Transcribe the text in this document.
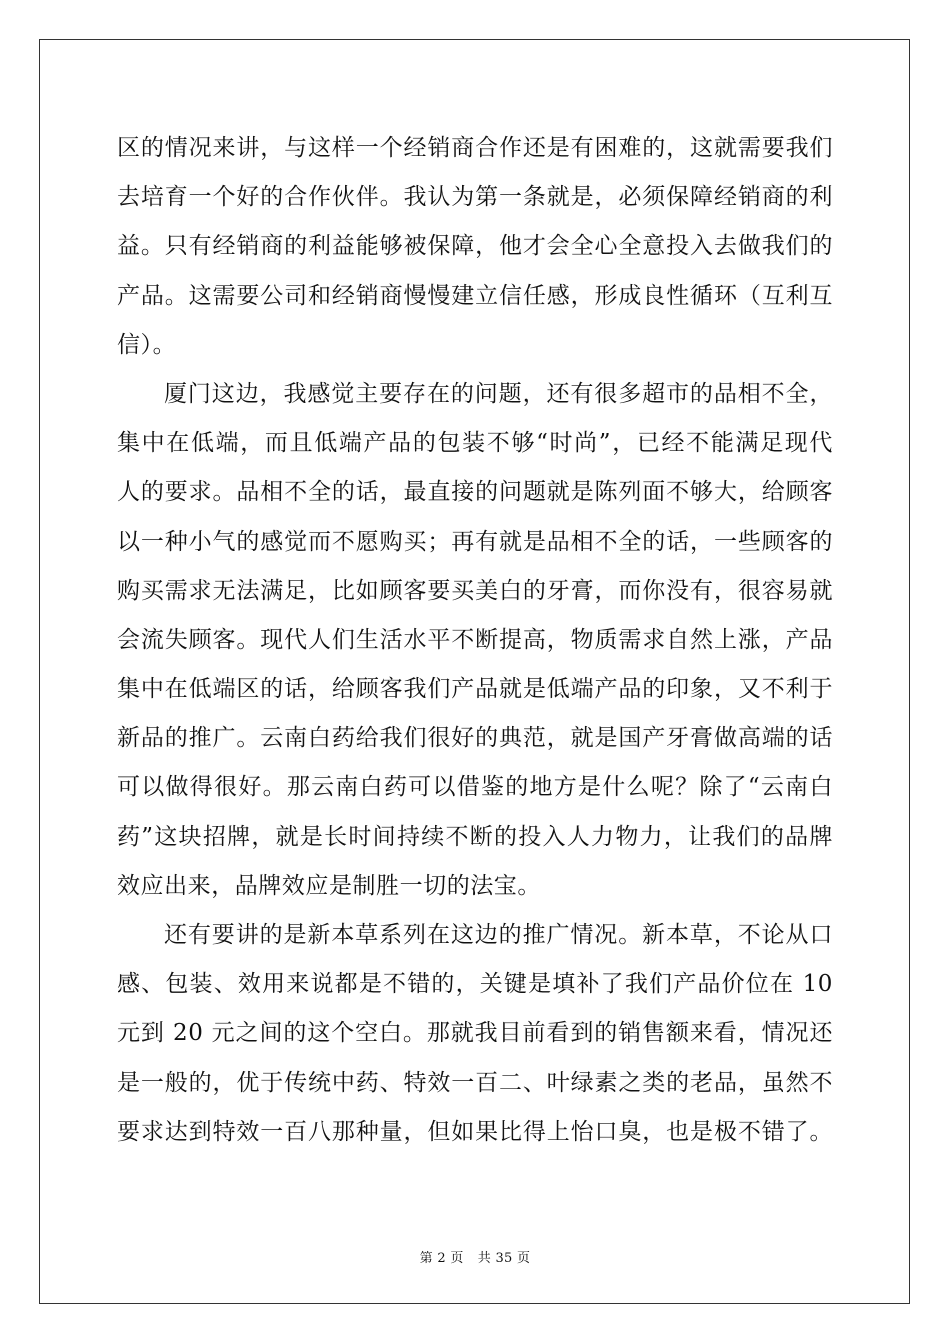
区的情况来讲，与这样一个经销商合作还是有困难的，这就需要我们
去培育一个好的合作伙伴。我认为第一条就是，必须保障经销商的利
益。只有经销商的利益能够被保障，他才会全心全意投入去做我们的
产品。这需要公司和经销商慢慢建立信任感，形成良性循环（互利互
信）。
厦门这边，我感觉主要存在的问题，还有很多超市的品相不全，
集中在低端，而且低端产品的包装不够“时尚”，已经不能满足现代
人的要求。品相不全的话，最直接的问题就是陈列面不够大，给顾客
以一种小气的感觉而不愿购买；再有就是品相不全的话，一些顾客的
购买需求无法满足，比如顾客要买美白的牙膏，而你没有，很容易就
会流失顾客。现代人们生活水平不断提高，物质需求自然上涨，产品
集中在低端区的话，给顾客我们产品就是低端产品的印象，又不利于
新品的推广。云南白药给我们很好的典范，就是国产牙膏做高端的话
可以做得很好。那云南白药可以借鉴的地方是什么呢？除了“云南白
药”这块招牌，就是长时间持续不断的投入人力物力，让我们的品牌
效应出来，品牌效应是制胜一切的法宝。
还有要讲的是新本草系列在这边的推广情况。新本草，不论从口
感、包装、效用来说都是不错的，关键是填补了我们产品价位在 10
元到 20 元之间的这个空白。那就我目前看到的销售额来看，情况还
是一般的，优于传统中药、特效一百二、叶绿素之类的老品，虽然不
要求达到特效一百八那种量，但如果比得上怡口臭，也是极不错了。
第 2 页 共 35 页
